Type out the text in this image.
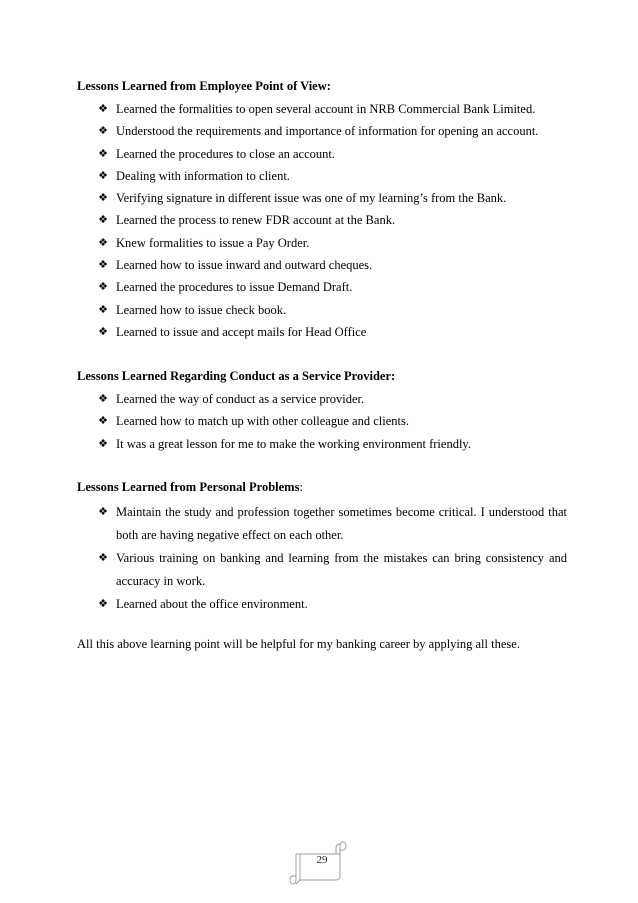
Lessons Learned from Employee Point of View:

❖ Learned the formalities to open several account in NRB Commercial Bank Limited.
❖ Understood the requirements and importance of information for opening an account.
❖ Learned the procedures to close an account.
❖ Dealing with information to client.
❖ Verifying signature in different issue was one of my learning’s from the Bank.
❖ Learned the process to renew FDR account at the Bank.
❖ Knew formalities to issue a Pay Order.
❖ Learned how to issue inward and outward cheques.
❖ Learned the procedures to issue Demand Draft.
❖ Learned how to issue check book.
❖ Learned to issue and accept mails for Head Office

Lessons Learned Regarding Conduct as a Service Provider:

❖ Learned the way of conduct as a service provider.
❖ Learned how to match up with other colleague and clients.
❖ It was a great lesson for me to make the working environment friendly.

Lessons Learned from Personal Problems:

❖ Maintain the study and profession together sometimes become critical. I understood that both are having negative effect on each other.
❖ Various training on banking and learning from the mistakes can bring consistency and accuracy in work.
❖ Learned about the office environment.

All this above learning point will be helpful for my banking career by applying all these.

29
